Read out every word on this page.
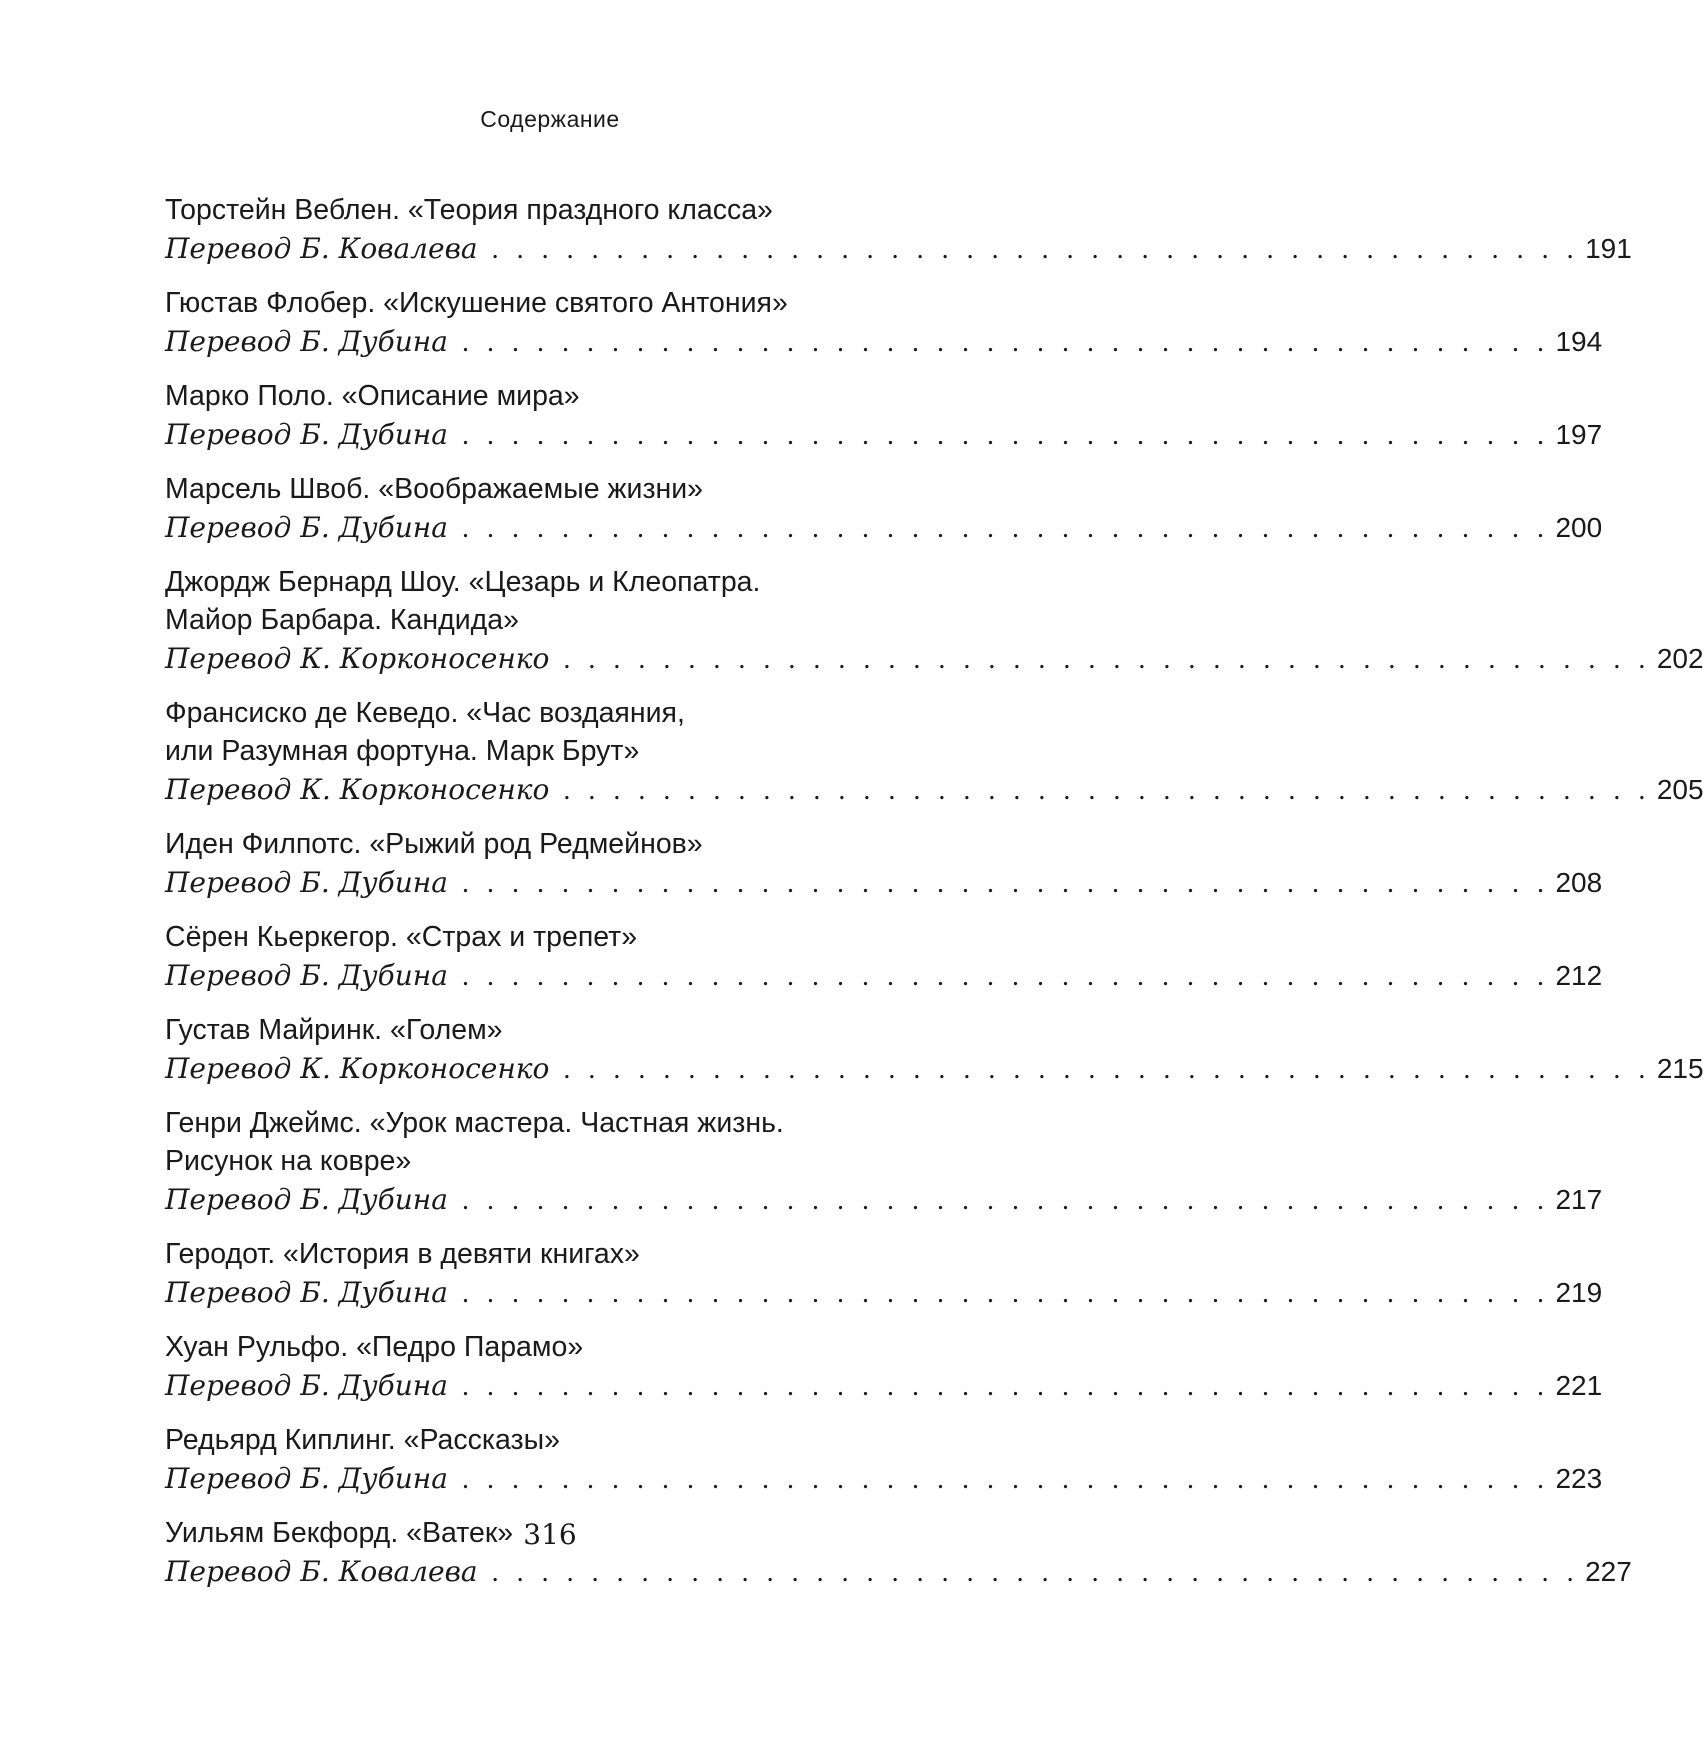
Содержание
Торстейн Веблен. «Теория праздного класса»
Перевод Б. Ковалева . . . . . . . . . . . . . . . . . . . . . . . . . . . . . . . . . . . . . . . . . . . . 191
Гюстав Флобер. «Искушение святого Антония»
Перевод Б. Дубина . . . . . . . . . . . . . . . . . . . . . . . . . . . . . . . . . . . . . . . . . . . . 194
Марко Поло. «Описание мира»
Перевод Б. Дубина . . . . . . . . . . . . . . . . . . . . . . . . . . . . . . . . . . . . . . . . . . . . 197
Марсель Швоб. «Воображаемые жизни»
Перевод Б. Дубина . . . . . . . . . . . . . . . . . . . . . . . . . . . . . . . . . . . . . . . . . . . . 200
Джордж Бернард Шоу. «Цезарь и Клеопатра.
Майор Барбара. Кандида»
Перевод К. Корконосенко . . . . . . . . . . . . . . . . . . . . . . . . . . . . . . . . . . . . . . . . . . . . 202
Франсиско де Кеведо. «Час воздаяния,
или Разумная фортуна. Марк Брут»
Перевод К. Корконосенко . . . . . . . . . . . . . . . . . . . . . . . . . . . . . . . . . . . . . . . . . . . . 205
Иден Филпотс. «Рыжий род Редмейнов»
Перевод Б. Дубина . . . . . . . . . . . . . . . . . . . . . . . . . . . . . . . . . . . . . . . . . . . . 208
Сёрен Кьеркегор. «Страх и трепет»
Перевод Б. Дубина . . . . . . . . . . . . . . . . . . . . . . . . . . . . . . . . . . . . . . . . . . . . 212
Густав Майринк. «Голем»
Перевод К. Корконосенко . . . . . . . . . . . . . . . . . . . . . . . . . . . . . . . . . . . . . . . . . . . . 215
Генри Джеймс. «Урок мастера. Частная жизнь.
Рисунок на ковре»
Перевод Б. Дубина . . . . . . . . . . . . . . . . . . . . . . . . . . . . . . . . . . . . . . . . . . . . 217
Геродот. «История в девяти книгах»
Перевод Б. Дубина . . . . . . . . . . . . . . . . . . . . . . . . . . . . . . . . . . . . . . . . . . . . 219
Хуан Рульфо. «Педро Парамо»
Перевод Б. Дубина . . . . . . . . . . . . . . . . . . . . . . . . . . . . . . . . . . . . . . . . . . . . 221
Редьярд Киплинг. «Рассказы»
Перевод Б. Дубина . . . . . . . . . . . . . . . . . . . . . . . . . . . . . . . . . . . . . . . . . . . . 223
Уильям Бекфорд. «Ватек»
Перевод Б. Ковалева . . . . . . . . . . . . . . . . . . . . . . . . . . . . . . . . . . . . . . . . . . . . 227
316
